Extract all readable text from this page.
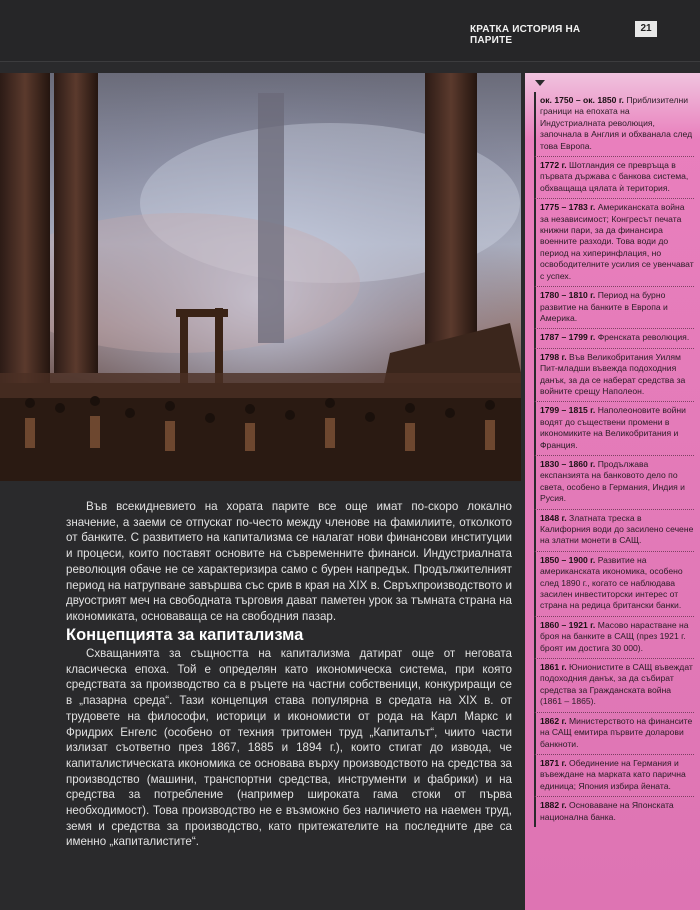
КРАТКА ИСТОРИЯ НА ПАРИТЕ
21

Във всекидневието на хората парите все още имат по-скоро локално значение, а заеми се отпускат по-често между членове на фамилиите, отколкото от банките. С развитието на капитализма се налагат нови финансови институции и процеси, които поставят основите на съвременните финанси. Индустриалната революция обаче не се характеризира само с бурен напредък. Продължителният период на натрупване завършва със срив в края на XIX в. Свръхпроизводството и двуострият меч на свободната търговия дават паметен урок за тъмната страна на икономиката, основаваща се на свободния пазар.

Концепцията за капитализма

Схващанията за същността на капитализма датират още от неговата класическа епоха. Той е определян като икономическа система, при която средствата за производство са в ръцете на частни собственици, конкуриращи се в „пазарна среда“. Тази концепция става популярна в средата на XIX в. от трудовете на философи, историци и икономисти от рода на Карл Маркс и Фридрих Енгелс (особено от техния тритомен труд „Капиталът“, чиито части излизат съответно през 1867, 1885 и 1894 г.), които стигат до извода, че капиталистическата икономика се основава върху производството на средства за производство (машини, транспортни средства, инструменти и фабрики) и на средства за потребление (например широката гама стоки от първа необходимост). Това производство не е възможно без наличието на наемен труд, земя и средства за производство, като притежателите на последните две са именно „капиталистите“.

ок. 1750 – ок. 1850 г. Приблизителни граници на епохата на Индустриалната революция, започнала в Англия и обхванала след това Европа.
1772 г. Шотландия се превръща в първата държава с банкова система, обхващаща цялата ѝ територия.
1775 – 1783 г. Американската война за независимост; Конгресът печата книжни пари, за да финансира военните разходи. Това води до период на хиперинфлация, но освободителните усилия се увенчават с успех.
1780 – 1810 г. Период на бурно развитие на банките в Европа и Америка.
1787 – 1799 г. Френската революция.
1798 г. Във Великобритания Уилям Пит-младши въвежда подоходния данък, за да се наберат средства за войните срещу Наполеон.
1799 – 1815 г. Наполеоновите войни водят до съществени промени в икономиките на Великобритания и Франция.
1830 – 1860 г. Продължава експанзията на банковото дело по света, особено в Германия, Индия и Русия.
1848 г. Златната треска в Калифорния води до засилено сечене на златни монети в САЩ.
1850 – 1900 г. Развитие на американската икономика, особено след 1890 г., когато се наблюдава засилен инвеститорски интерес от страна на редица британски банки.
1860 – 1921 г. Масово нарастване на броя на банките в САЩ (през 1921 г. броят им достига 30 000).
1861 г. Юнионистите в САЩ въвеждат подоходния данък, за да събират средства за Гражданската война (1861 – 1865).
1862 г. Министерството на финансите на САЩ емитира първите доларови банкноти.
1871 г. Обединение на Германия и въвеждане на марката като парична единица; Япония избира йената.
1882 г. Основаване на Японската национална банка.
